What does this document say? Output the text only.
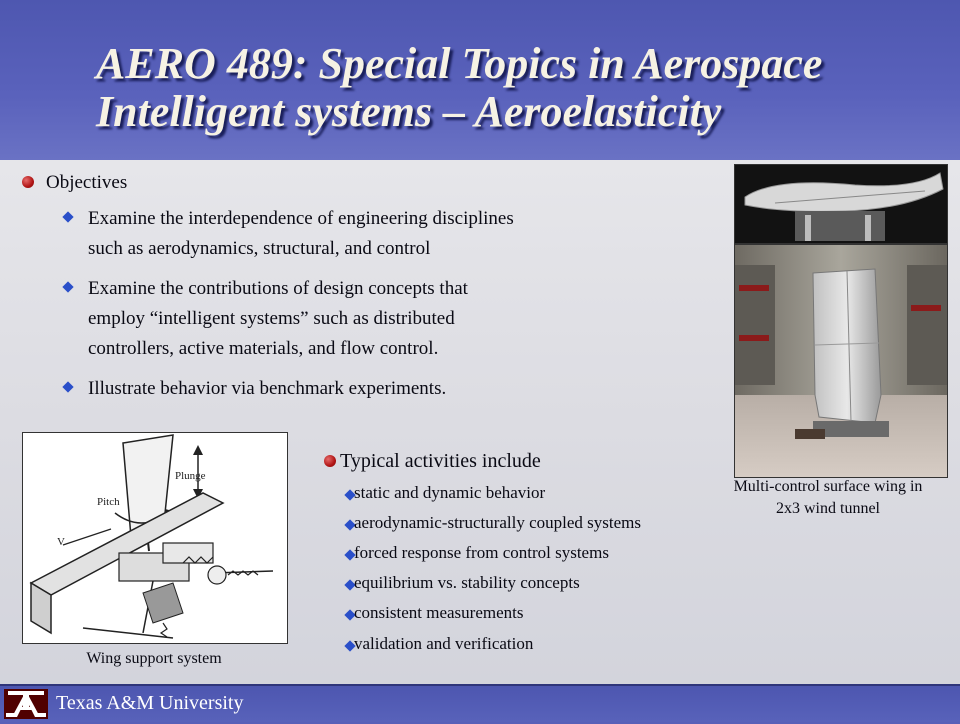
AERO 489: Special Topics in Aerospace
Intelligent systems – Aeroelasticity
Objectives
Examine the interdependence of engineering disciplines
such as aerodynamics, structural, and control
Examine the contributions of design concepts that
employ “intelligent systems” such as distributed
controllers, active materials, and flow control.
Illustrate behavior via benchmark experiments.
Plunge
Pitch
V
Wing support system
Typical activities include
static and dynamic behavior
aerodynamic-structurally coupled systems
forced response from control systems
equilibrium vs. stability concepts
consistent measurements
validation and verification
Multi-control surface wing in
2x3 wind tunnel
Texas A&M University
